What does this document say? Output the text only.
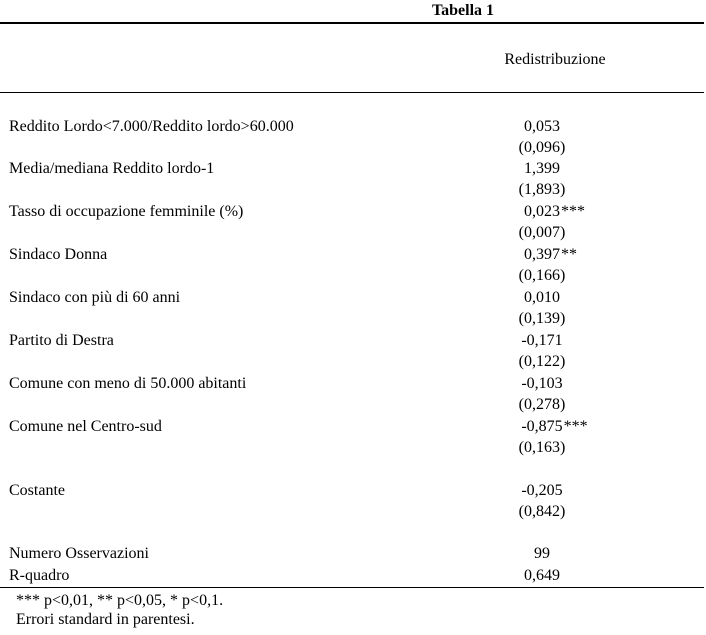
Tabella 1
Redistribuzione
Reddito Lordo<7.000/Reddito lordo>60.000	0,053
(0,096)
Media/mediana Reddito lordo-1	1,399
(1,893)
Tasso di occupazione femminile (%)	0,023 ***
(0,007)
Sindaco Donna	0,397 **
(0,166)
Sindaco con più di 60 anni	0,010
(0,139)
Partito di Destra	-0,171
(0,122)
Comune con meno di 50.000 abitanti	-0,103
(0,278)
Comune nel Centro-sud	-0,875 ***
(0,163)
Costante	-0,205
(0,842)
Numero Osservazioni	99
R-quadro	0,649
*** p<0,01, ** p<0,05, * p<0,1.
Errori standard in parentesi.
